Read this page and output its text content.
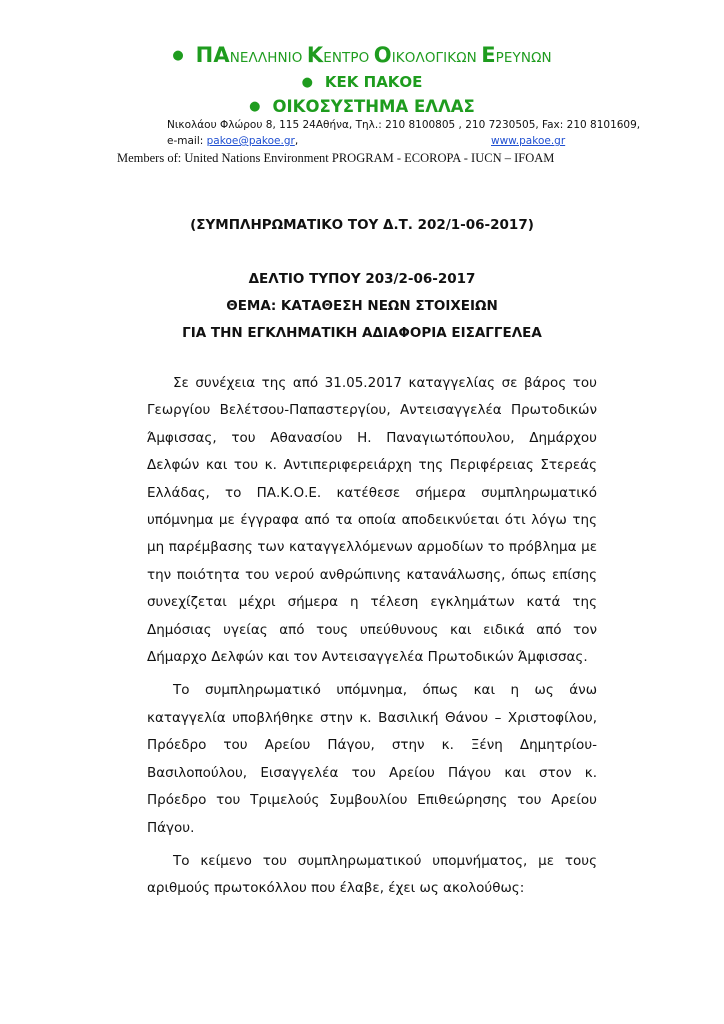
● ΠΑΝΕΛΛΗΝΙΟ ΚΕΝΤΡΟ ΟΙΚΟΛΟΓΙΚΩΝ ΕΡΕΥΝΩΝ
● ΚΕΚ ΠΑΚΟΕ
● ΟΙΚΟΣΥΣΤΗΜΑ ΕΛΛΑΣ
Νικολάου Φλώρου 8, 115 24Αθήνα, Τηλ.: 210 8100805 , 210 7230505, Fax: 210 8101609,
e-mail: pakoe@pakoe.gr,	www.pakoe.gr
Members of: United Nations Environment PROGRAM - ECOROPA - IUCN – IFOAM
(ΣΥΜΠΛΗΡΩΜΑΤΙΚΟ ΤΟΥ Δ.Τ. 202/1-06-2017)
ΔΕΛΤΙΟ ΤΥΠΟΥ 203/2-06-2017
ΘΕΜΑ: ΚΑΤΑΘΕΣΗ ΝΕΩΝ ΣΤΟΙΧΕΙΩΝ
ΓΙΑ ΤΗΝ ΕΓΚΛΗΜΑΤΙΚΗ ΑΔΙΑΦΟΡΙΑ ΕΙΣΑΓΓΕΛΕΑ

Σε συνέχεια της από 31.05.2017 καταγγελίας σε βάρος του Γεωργίου Βελέτσου-Παπαστεργίου, Αντεισαγγελέα Πρωτοδικών Άμφισσας, του Αθανασίου Η. Παναγιωτόπουλου, Δημάρχου Δελφών και του κ. Αντιπεριφερειάρχη της Περιφέρειας Στερεάς Ελλάδας, το ΠΑ.Κ.Ο.Ε. κατέθεσε σήμερα συμπληρωματικό υπόμνημα με έγγραφα από τα οποία αποδεικνύεται ότι λόγω της μη παρέμβασης των καταγγελλόμενων αρμοδίων το πρόβλημα με την ποιότητα του νερού ανθρώπινης κατανάλωσης, όπως επίσης συνεχίζεται μέχρι σήμερα η τέλεση εγκλημάτων κατά της Δημόσιας υγείας από τους υπεύθυνους και ειδικά από τον Δήμαρχο Δελφών και τον Αντεισαγγελέα Πρωτοδικών Άμφισσας.

Το συμπληρωματικό υπόμνημα, όπως και η ως άνω καταγγελία υποβλήθηκε στην κ. Βασιλική Θάνου – Χριστοφίλου, Πρόεδρο του Αρείου Πάγου, στην κ. Ξένη Δημητρίου-Βασιλοπούλου, Εισαγγελέα του Αρείου Πάγου και στον κ. Πρόεδρο του Τριμελούς Συμβουλίου Επιθεώρησης του Αρείου Πάγου.

Το κείμενο του συμπληρωματικού υπομνήματος, με τους αριθμούς πρωτοκόλλου που έλαβε, έχει ως ακολούθως:
